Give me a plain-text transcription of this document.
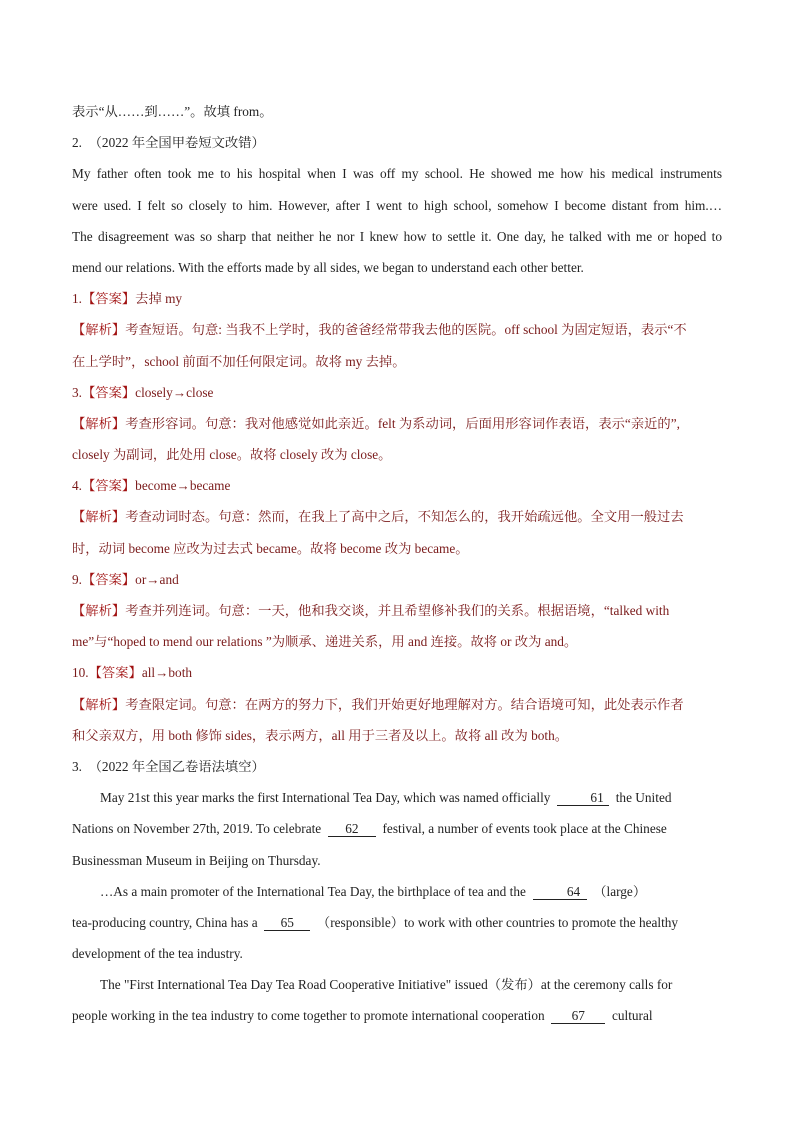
表示“从……到……”。故填 from。
2.　（2022 年全国甲卷短文改错）
My father often took me to his hospital when I was off my school. He showed me how his medical instruments
were used. I felt so closely to him. However, after I went to high school, somehow I become distant from him.…
The disagreement was so sharp that neither he nor I knew how to settle it. One day, he talked with me or hoped to
mend our relations. With the efforts made by all sides, we began to understand each other better.
1.【答案】去掉 my
【解析】考查短语。句意: 当我不上学时，我的爸爸经常带我去他的医院。off school 为固定短语，表示“不
在上学时”，school 前面不加任何限定词。故将 my 去掉。
3.【答案】closely→close
【解析】考查形容词。句意：我对他感觉如此亲近。felt 为系动词，后面用形容词作表语，表示“亲近的”,
closely 为副词，此处用 close。故将 closely 改为 close。
4.【答案】become→became
【解析】考查动词时态。句意：然而，在我上了高中之后，不知怎么的，我开始疏远他。全文用一般过去
时，动词 become 应改为过去式 became。故将 become 改为 became。
9.【答案】or→and
【解析】考查并列连词。句意：一天，他和我交谈，并且希望修补我们的关系。根据语境，“talked with
me”与“hoped to mend our relations ”为顺承、递进关系，用 and 连接。故将 or 改为 and。
10.【答案】all→both
【解析】考查限定词。句意：在两方的努力下，我们开始更好地理解对方。结合语境可知，此处表示作者
和父亲双方，用 both 修饰 sides，表示两方，all 用于三者及以上。故将 all 改为 both。
3.　（2022 年全国乙卷语法填空）
May 21st this year marks the first International Tea Day, which was named officially	61 the United
Nations on November 27th, 2019. To celebrate 62 festival, a number of events took place at the Chinese
Businessman Museum in Beijing on Thursday.
…As a main promoter of the International Tea Day, the birthplace of tea and the	64 （large）
tea-producing country, China has a 65 （responsible）to work with other countries to promote the healthy
development of the tea industry.
The "First International Tea Day Tea Road Cooperative Initiative" issued（发布）at the ceremony calls for
people working in the tea industry to come together to promote international cooperation 67 cultural
